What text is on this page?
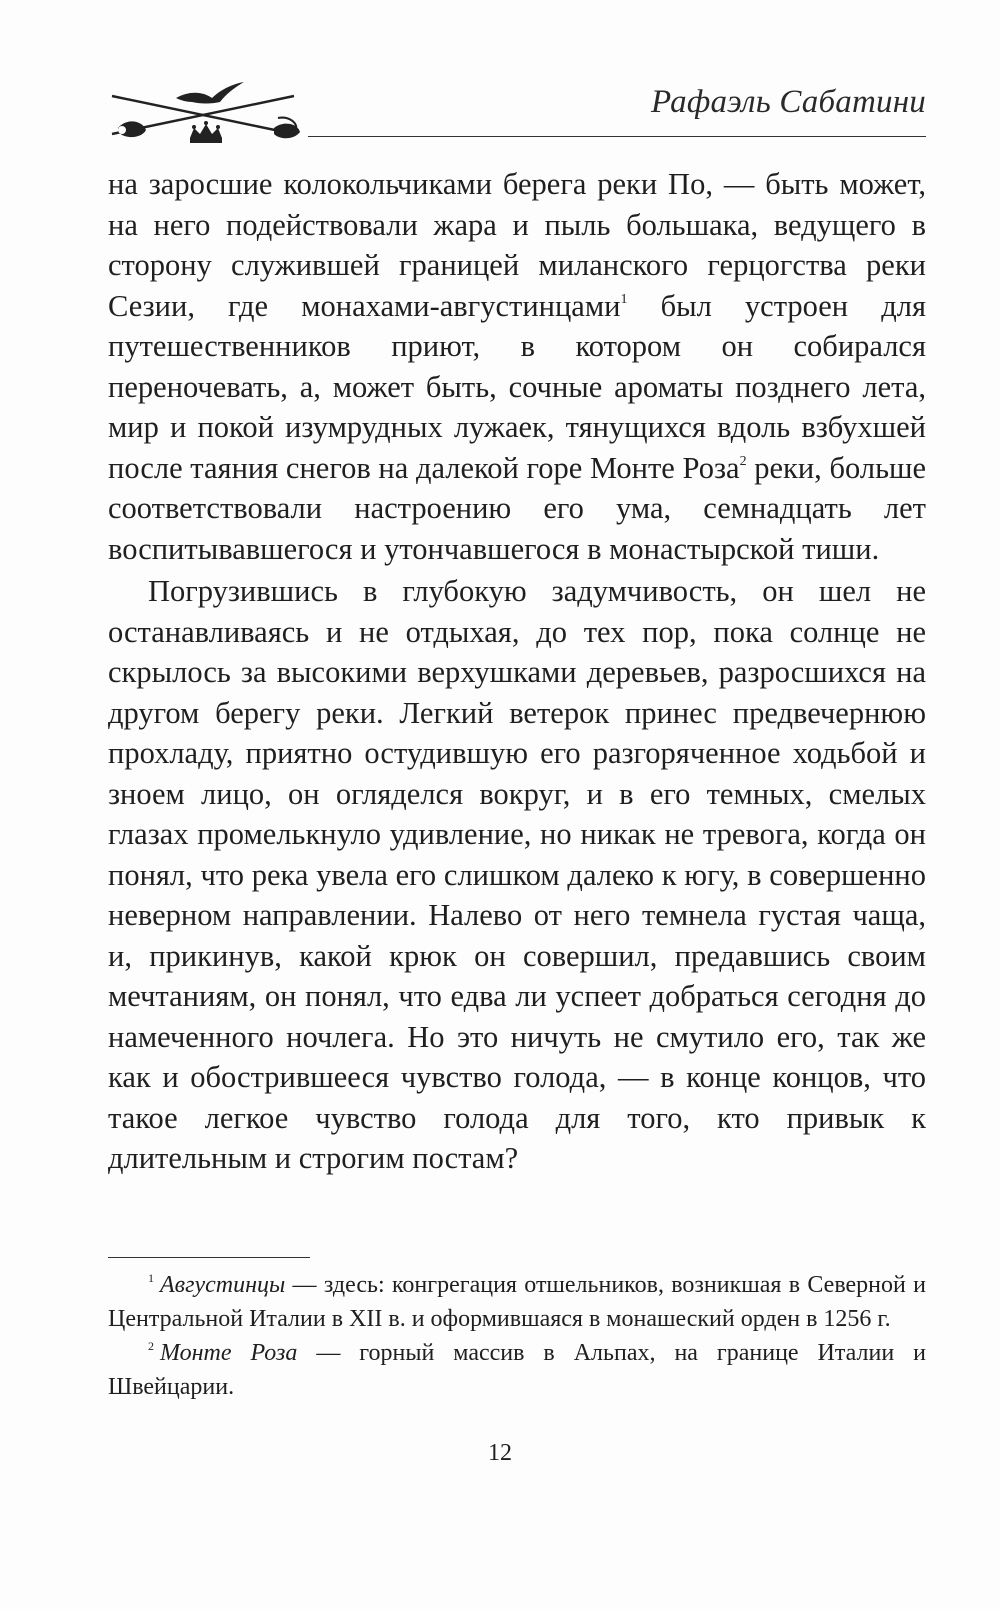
Рафаэль Сабатини

на заросшие колокольчиками берега реки По, — быть может, на него подействовали жара и пыль большака, ведущего в сторону служившей границей миланского герцогства реки Сезии, где монахами-августинцами$^1$ был устроен для путешественников приют, в котором он собирался переночевать, а, может быть, сочные ароматы позднего лета, мир и покой изумрудных лужаек, тянущихся вдоль взбухшей после таяния снегов на далекой горе Монте Роза$^2$ реки, больше соответствовали настроению его ума, семнадцать лет воспитывавшегося и утончавшегося в монастырской тиши.

Погрузившись в глубокую задумчивость, он шел не останавливаясь и не отдыхая, до тех пор, пока солнце не скрылось за высокими верхушками деревьев, разросшихся на другом берегу реки. Легкий ветерок принес предвечернюю прохладу, приятно остудившую его разгоряченное ходьбой и зноем лицо, он огляделся вокруг, и в его темных, смелых глазах промелькнуло удивление, но никак не тревога, когда он понял, что река увела его слишком далеко к югу, в совершенно неверном направлении. Налево от него темнела густая чаща, и, прикинув, какой крюк он совершил, предавшись своим мечтаниям, он понял, что едва ли успеет добраться сегодня до намеченного ночлега. Но это ничуть не смутило его, так же как и обострившееся чувство голода, — в конце концов, что такое легкое чувство голода для того, кто привык к длительным и строгим постам?

$^1$ Августинцы — здесь: конгрегация отшельников, возникшая в Северной и Центральной Италии в XII в. и оформившаяся в монашеский орден в 1256 г.

$^2$ Монте Роза — горный массив в Альпах, на границе Италии и Швейцарии.

12
